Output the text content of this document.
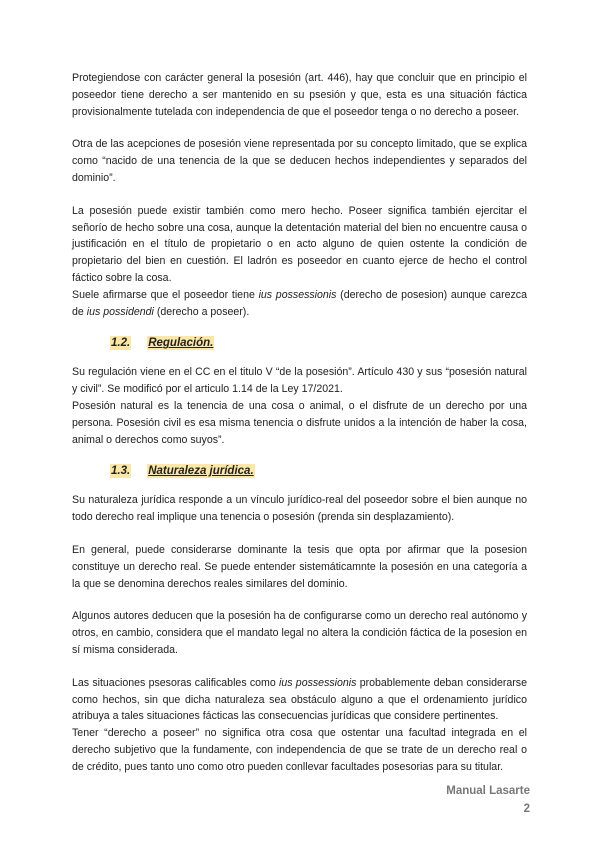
Protegiendose con carácter general la posesión (art. 446), hay que concluir que en principio el poseedor tiene derecho a ser mantenido en su psesión y que, esta es una situación fáctica provisionalmente tutelada con independencia de que el poseedor tenga o no derecho a poseer.

Otra de las acepciones de posesión viene representada por su concepto limitado, que se explica como “nacido de una tenencia de la que se deducen hechos independientes y separados del dominio”.

La posesión puede existir también como mero hecho. Poseer significa también ejercitar el señorío de hecho sobre una cosa, aunque la detentación material del bien no encuentre causa o justificación en el título de propietario o en acto alguno de quien ostente la condición de propietario del bien en cuestión. El ladrón es poseedor en cuanto ejerce de hecho el control fáctico sobre la cosa.

Suele afirmarse que el poseedor tiene ius possessionis (derecho de posesion) aunque carezca de ius possidendi (derecho a poseer).

1.2. Regulación.

Su regulación viene en el CC en el titulo V “de la posesión”. Artículo 430 y sus “posesión natural y civil”. Se modificó por el articulo 1.14 de la Ley 17/2021.

Posesión natural es la tenencia de una cosa o animal, o el disfrute de un derecho por una persona. Posesión civil es esa misma tenencia o disfrute unidos a la intención de haber la cosa, animal o derechos como suyos”.

1.3. Naturaleza jurídica.

Su naturaleza jurídica responde a un vínculo jurídico-real del poseedor sobre el bien aunque no todo derecho real implique una tenencia o posesión (prenda sin desplazamiento).

En general, puede considerarse dominante la tesis que opta por afirmar que la posesion constituye un derecho real. Se puede entender sistemáticamnte la posesión en una categoría a la que se denomina derechos reales similares del dominio.

Algunos autores deducen que la posesión ha de configurarse como un derecho real autónomo y otros, en cambio, considera que el mandato legal no altera la condición fáctica de la posesion en sí misma considerada.

Las situaciones psesoras calificables como ius possessionis probablemente deban considerarse como hechos, sin que dicha naturaleza sea obstáculo alguno a que el ordenamiento jurídico atribuya a tales situaciones fácticas las consecuencias jurídicas que considere pertinentes.

Tener “derecho a poseer” no significa otra cosa que ostentar una facultad integrada en el derecho subjetivo que la fundamente, con independencia de que se trate de un derecho real o de crédito, pues tanto uno como otro pueden conllevar facultades posesorias para su titular.

Manual Lasarte
2
